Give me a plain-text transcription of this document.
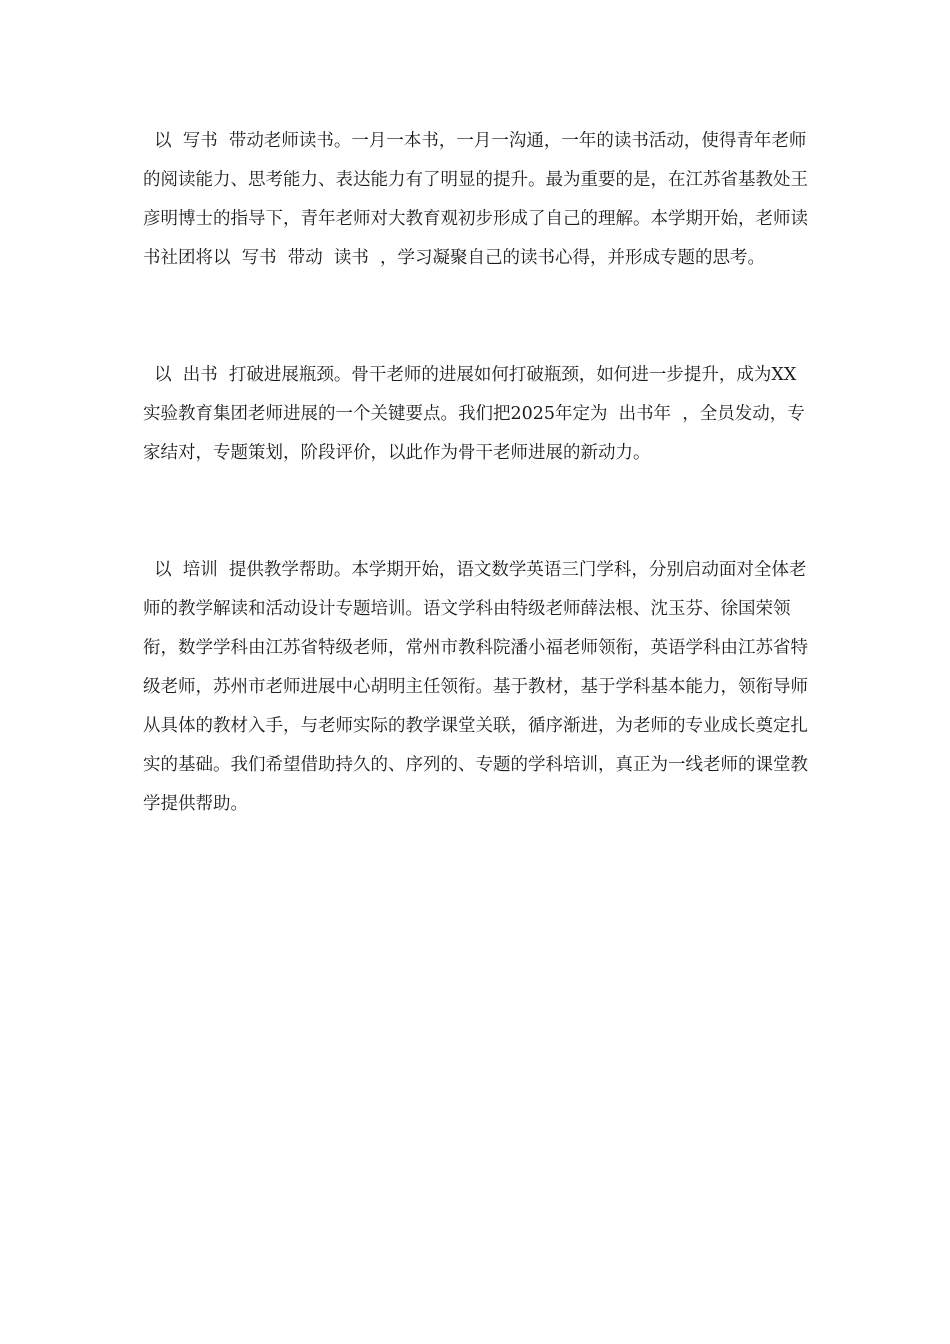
以  写书  带动老师读书。一月一本书，一月一沟通，一年的读书活动，使得青年老师的阅读能力、思考能力、表达能力有了明显的提升。最为重要的是，在江苏省基教处王彦明博士的指导下，青年老师对大教育观初步形成了自己的理解。本学期开始，老师读书社团将以  写书  带动  读书  ，学习凝聚自己的读书心得，并形成专题的思考。

以  出书  打破进展瓶颈。骨干老师的进展如何打破瓶颈，如何进一步提升，成为XX实验教育集团老师进展的一个关键要点。我们把2025年定为  出书年  ，全员发动，专家结对，专题策划，阶段评价，以此作为骨干老师进展的新动力。

以  培训  提供教学帮助。本学期开始，语文数学英语三门学科，分别启动面对全体老师的教学解读和活动设计专题培训。语文学科由特级老师薛法根、沈玉芬、徐国荣领衔，数学学科由江苏省特级老师，常州市教科院潘小福老师领衔，英语学科由江苏省特级老师，苏州市老师进展中心胡明主任领衔。基于教材，基于学科基本能力，领衔导师从具体的教材入手，与老师实际的教学课堂关联，循序渐进，为老师的专业成长奠定扎实的基础。我们希望借助持久的、序列的、专题的学科培训，真正为一线老师的课堂教学提供帮助。
